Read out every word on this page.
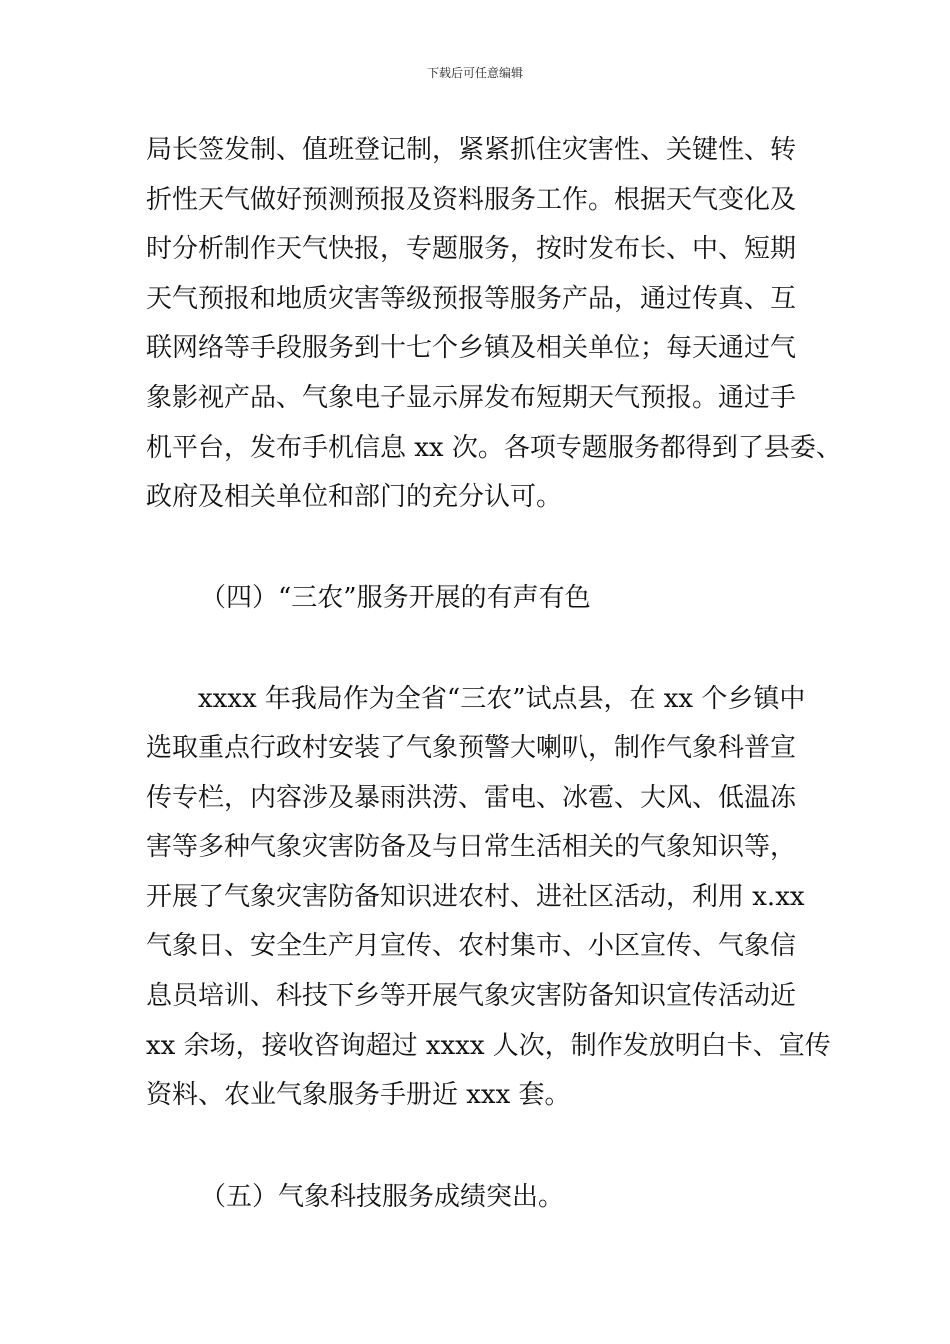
下载后可任意编辑
局长签发制、值班登记制，紧紧抓住灾害性、关键性、转
折性天气做好预测预报及资料服务工作。根据天气变化及
时分析制作天气快报，专题服务，按时发布长、中、短期
天气预报和地质灾害等级预报等服务产品，通过传真、互
联网络等手段服务到十七个乡镇及相关单位；每天通过气
象影视产品、气象电子显示屏发布短期天气预报。通过手
机平台，发布手机信息 xx 次。各项专题服务都得到了县委、
政府及相关单位和部门的充分认可。
（四）“三农”服务开展的有声有色
xxxx 年我局作为全省“三农”试点县，在 xx 个乡镇中
选取重点行政村安装了气象预警大喇叭，制作气象科普宣
传专栏，内容涉及暴雨洪涝、雷电、冰雹、大风、低温冻
害等多种气象灾害防备及与日常生活相关的气象知识等，
开展了气象灾害防备知识进农村、进社区活动，利用 x.xx
气象日、安全生产月宣传、农村集市、小区宣传、气象信
息员培训、科技下乡等开展气象灾害防备知识宣传活动近
xx 余场，接收咨询超过 xxxx 人次，制作发放明白卡、宣传
资料、农业气象服务手册近 xxx 套。
（五）气象科技服务成绩突出。
